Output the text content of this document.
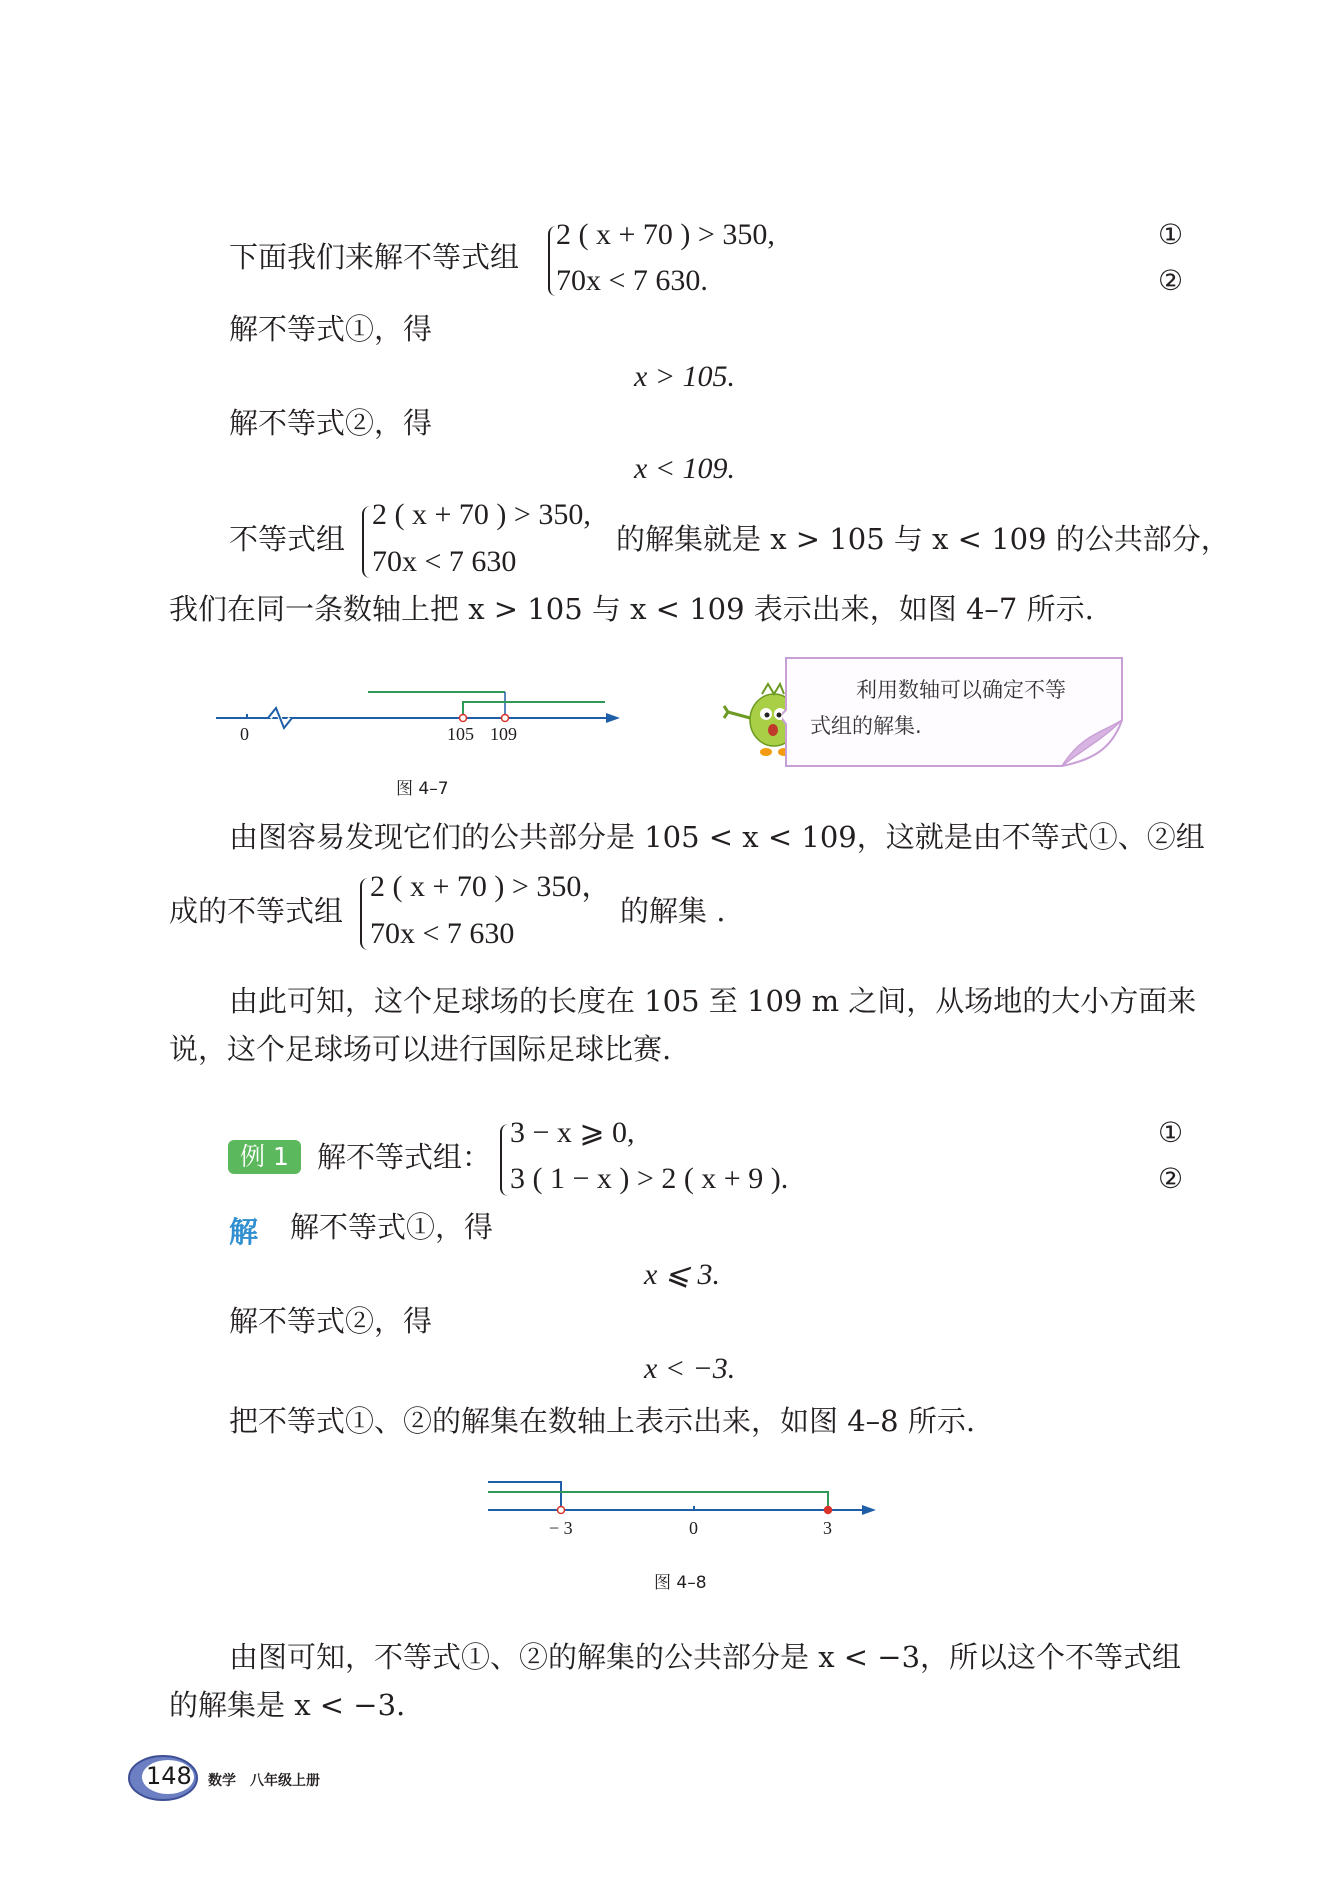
下面我们来解不等式组
2 ( x + 70 ) > 350,
70x < 7 630.
①
②
解不等式①，得
x > 105.
解不等式②，得
x < 109.
不等式组
2 ( x + 70 ) > 350,
70x < 7 630
的解集就是 x > 105 与 x < 109 的公共部分，
我们在同一条数轴上把 x > 105 与 x < 109 表示出来，如图 4–7 所示.
0	105 109
图 4–7
利用数轴可以确定不等
式组的解集.
由图容易发现它们的公共部分是 105 < x < 109，这就是由不等式①、②组
成的不等式组
2 ( x + 70 ) > 350，
70x < 7 630
的解集 .
由此可知，这个足球场的长度在 105 至 109 m 之间，从场地的大小方面来
说，这个足球场可以进行国际足球比赛.
例 1 解不等式组：
3 − x ⩾ 0,
3 ( 1 − x ) > 2 ( x + 9 ).
①
②
解 解不等式①，得
x ⩽ 3.
解不等式②，得
x < −3.
把不等式①、②的解集在数轴上表示出来，如图 4–8 所示.
− 3	0	3
图 4–8
由图可知，不等式①、②的解集的公共部分是 x < −3，所以这个不等式组
的解集是 x < −3.
148 数学　八年级上册
